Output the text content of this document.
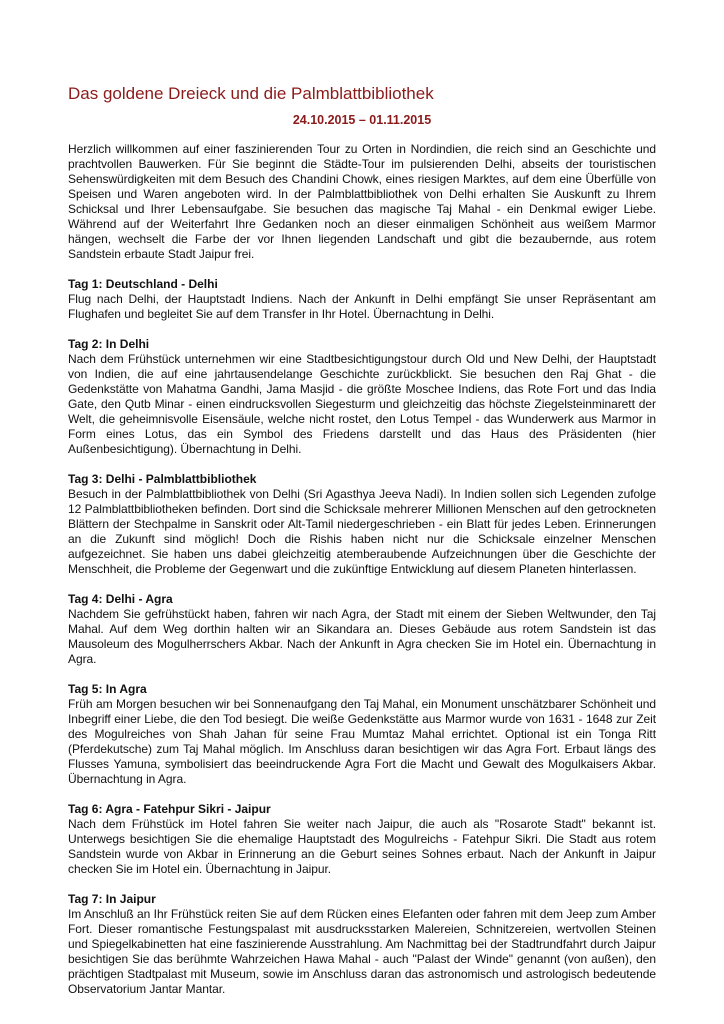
Das goldene Dreieck und die Palmblattbibliothek
24.10.2015 – 01.11.2015

Herzlich willkommen auf einer faszinierenden Tour zu Orten in Nordindien, die reich sind an Geschichte und prachtvollen Bauwerken. Für Sie beginnt die Städte-Tour im pulsierenden Delhi, abseits der touristischen Sehenswürdigkeiten mit dem Besuch des Chandini Chowk, eines riesigen Marktes, auf dem eine Überfülle von Speisen und Waren angeboten wird. In der Palmblattbibliothek von Delhi erhalten Sie Auskunft zu Ihrem Schicksal und Ihrer Lebensaufgabe. Sie besuchen das magische Taj Mahal - ein Denkmal ewiger Liebe. Während auf der Weiterfahrt Ihre Gedanken noch an dieser einmaligen Schönheit aus weißem Marmor hängen, wechselt die Farbe der vor Ihnen liegenden Landschaft und gibt die bezaubernde, aus rotem Sandstein erbaute Stadt Jaipur frei.

Tag 1: Deutschland - Delhi
Flug nach Delhi, der Hauptstadt Indiens. Nach der Ankunft in Delhi empfängt Sie unser Repräsentant am Flughafen und begleitet Sie auf dem Transfer in Ihr Hotel. Übernachtung in Delhi.
Tag 2: In Delhi
Nach dem Frühstück unternehmen wir eine Stadtbesichtigungstour durch Old und New Delhi, der Hauptstadt von Indien, die auf eine jahrtausendelange Geschichte zurückblickt. Sie besuchen den Raj Ghat - die Gedenkstätte von Mahatma Gandhi, Jama Masjid - die größte Moschee Indiens, das Rote Fort und das India Gate, den Qutb Minar - einen eindrucksvollen Siegesturm und gleichzeitig das höchste Ziegelsteinminarett der Welt, die geheimnisvolle Eisensäule, welche nicht rostet, den Lotus Tempel - das Wunderwerk aus Marmor in Form eines Lotus, das ein Symbol des Friedens darstellt und das Haus des Präsidenten (hier Außenbesichtigung). Übernachtung in Delhi.
Tag 3: Delhi - Palmblattbibliothek
Besuch in der Palmblattbibliothek von Delhi (Sri Agasthya Jeeva Nadi). In Indien sollen sich Legenden zufolge 12 Palmblattbibliotheken befinden. Dort sind die Schicksale mehrerer Millionen Menschen auf den getrockneten Blättern der Stechpalme in Sanskrit oder Alt-Tamil niedergeschrieben - ein Blatt für jedes Leben. Erinnerungen an die Zukunft sind möglich! Doch die Rishis haben nicht nur die Schicksale einzelner Menschen aufgezeichnet. Sie haben uns dabei gleichzeitig atemberaubende Aufzeichnungen über die Geschichte der Menschheit, die Probleme der Gegenwart und die zukünftige Entwicklung auf diesem Planeten hinterlassen.
Tag 4: Delhi - Agra
Nachdem Sie gefrühstückt haben, fahren wir nach Agra, der Stadt mit einem der Sieben Weltwunder, den Taj Mahal. Auf dem Weg dorthin halten wir an Sikandara an. Dieses Gebäude aus rotem Sandstein ist das Mausoleum des Mogulherrschers Akbar. Nach der Ankunft in Agra checken Sie im Hotel ein. Übernachtung in Agra.
Tag 5: In Agra
Früh am Morgen besuchen wir bei Sonnenaufgang den Taj Mahal, ein Monument unschätzbarer Schönheit und Inbegriff einer Liebe, die den Tod besiegt. Die weiße Gedenkstätte aus Marmor wurde von 1631 - 1648 zur Zeit des Mogulreiches von Shah Jahan für seine Frau Mumtaz Mahal errichtet. Optional ist ein Tonga Ritt (Pferdekutsche) zum Taj Mahal möglich. Im Anschluss daran besichtigen wir das Agra Fort. Erbaut längs des Flusses Yamuna, symbolisiert das beeindruckende Agra Fort die Macht und Gewalt des Mogulkaisers Akbar. Übernachtung in Agra.
Tag 6: Agra - Fatehpur Sikri - Jaipur
Nach dem Frühstück im Hotel fahren Sie weiter nach Jaipur, die auch als "Rosarote Stadt" bekannt ist. Unterwegs besichtigen Sie die ehemalige Hauptstadt des Mogulreichs - Fatehpur Sikri. Die Stadt aus rotem Sandstein wurde von Akbar in Erinnerung an die Geburt seines Sohnes erbaut. Nach der Ankunft in Jaipur checken Sie im Hotel ein. Übernachtung in Jaipur.
Tag 7: In Jaipur
Im Anschluß an Ihr Frühstück reiten Sie auf dem Rücken eines Elefanten oder fahren mit dem Jeep zum Amber Fort. Dieser romantische Festungspalast mit ausdrucksstarken Malereien, Schnitzereien, wertvollen Steinen und Spiegelkabinetten hat eine faszinierende Ausstrahlung. Am Nachmittag bei der Stadtrundfahrt durch Jaipur besichtigen Sie das berühmte Wahrzeichen Hawa Mahal - auch "Palast der Winde" genannt (von außen), den prächtigen Stadtpalast mit Museum, sowie im Anschluss daran das astronomisch und astrologisch bedeutende Observatorium Jantar Mantar.
